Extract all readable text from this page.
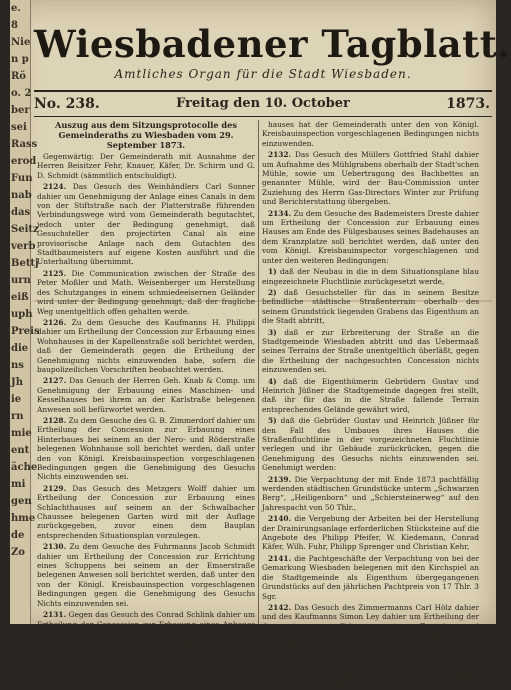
e.
8
Nie
n p
Rö
o. 2
ber
sei
Rass
erod
Fun
nab
das
Seitz
verb
Bettj
urn
eiß
uph
Preis
die
ns
Jh
ie
rn
mie
ent
äche
mi
gen
hme
de
Zo
Wiesbadener Tagblatt.
Amtliches Organ für die Stadt Wiesbaden.
No. 238.	Freitag den 10. October	1873.
Auszug aus dem Sitzungsprotocolle des Gemeinderaths zu Wiesbaden vom 29. September 1873.

Gegenwärtig: Der Gemeinderath mit Ausnahme der Herren Beisitzer Fehr, Knauer, Käfer, Dr. Schirm und G. D. Schmidt (sämmtlich entschuldigt).

2124. Das Gesuch des Weinhändlers Carl Sonner dahier um Genehmigung der Anlage eines Canals in dem von der Stiftstraße nach der Platterstraße führenden Verbindungswege wird vom Gemeinderath begutachtet, jedoch unter der Bedingung genehmigt, daß Gesuchsteller den projectirten Canal als eine provisorische Anlage nach dem Gutachten des Stadtbaumeisters auf eigene Kosten ausführt und die Unterhaltung übernimmt.

2125. Die Communication zwischen der Straße des Peter Moßler und Math. Weisenberger um Herstellung des Schutzganges in einem schmiedeeisernen Geländer wird unter der Bedingung genehmigt, daß der fragliche Weg unentgeltlich offen gehalten werde.

2126. Zu dem Gesuche des Kaufmanns H. Philippi dahier um Ertheilung der Concession zur Erbauung eines Wohnhauses in der Kapellenstraße soll berichtet werden, daß der Gemeinderath gegen die Ertheilung der Genehmigung nichts einzuwenden habe, sofern die baupolizeilichen Vorschriften beobachtet werden.

2127. Das Gesuch der Herren Geh. Knab & Comp. um Genehmigung der Erbauung eines Maschinen- und Kesselhauses bei ihrem an der Karlstraße belegenen Anwesen soll befürwortet werden.

2128. Zu dem Gesuche des G. B. Zimmerdorf dahier um Ertheilung der Concession zur Erbauung eines Hinterbaues bei seinem an der Nero- und Röderstraße belegenen Wohnhause soll berichtet werden, daß unter den von Königl. Kreisbauinspection vorgeschlagenen Bedingungen gegen die Genehmigung des Gesuchs Nichts einzuwenden sei.

2129. Das Gesuch des Metzgers Wolff dahier um Ertheilung der Concession zur Erbauung eines Schlachthauses auf seinem an der Schwalbacher Chaussee belegenen Garten wird mit der Auflage zurückgegeben, zuvor einen dem Bauplan entsprechenden Situationsplan vorzulegen.

2130. Zu dem Gesuche des Fuhrmanns Jacob Schmidt dahier um Ertheilung der Concession zur Errichtung eines Schuppens bei seinem an der Emserstraße belegenen Anwesen soll berichtet werden, daß unter den von der Königl. Kreisbauinspection vorgeschlagenen Bedingungen gegen die Genehmigung des Gesuchs Nichts einzuwenden sei.

2131. Gegen das Gesuch des Conrad Schlink dahier um Ertheilung der Concession zur Erbauung eines Anbaues an seinem Seitenbau ihres an der Dotzheimerstraße belegenen Wohnhauses ist nichts zu erinnern.

hauses hat der Gemeinderath unter den von Königl. Kreisbauinspection vorgeschlagenen Bedingungen nichts einzuwenden.

2132. Das Gesuch des Müllers Gottfried Stahl dahier um Aufnahme des Mühlgrabens oberhalb der Stadt'schen Mühle, sowie um Uebertragung des Bachbettes an genannter Mühle, wird der Bau-Commission unter Zuziehung des Herrn Gas-Directors Winter zur Prüfung und Berichterstattung übergeben.

2134. Zu dem Gesuche des Bademeisters Dreste dahier um Ertheilung der Concession zur Erbauung eines Hauses am Ende des Fülgesbauses seines Badehauses an dem Kranzplatze soll berichtet werden, daß unter den vom Königl. Kreisbauinspector vorgeschlagenen und unter den weiteren Bedingungen:

1) daß der Neubau in die in dem Situationsplane blau eingezeichnete Fluchtlinie zurückgesetzt werde,

2) daß Gesuchsteller für das in seinem Besitze befindliche städtische Straßenterrain oberhalb des seinem Grundstück liegenden Grabens das Eigenthum an die Stadt abtritt,

3) daß er zur Erbreiterung der Straße an die Stadtgemeinde Wiesbaden abtritt und das Uebermaaß seines Terrains der Straße unentgeltlich überläßt, gegen die Ertheilung der nachgesuchten Concession nichts einzuwenden sei.

4) daß die Eigenthümerin Gebrüdern Gustav und Heinrich Jüßner die Stadtgemeinde dagegen frei stellt, daß ihr für das in die Straße fallende Terrain entsprechendes Gelände gewährt wird,

5) daß die Gebrüder Gustav und Heinrich Jüßner für den Fall des Umbaues ihres Hauses die Straßenfluchtlinie in der vorgezeichneten Fluchtlinie verlegen und ihr Gebäude zurückrücken, gegen die Genehmigung des Gesuchs nichts einzuwenden sei. Genehmigt werden:

2139. Die Verpachtung der mit Ende 1873 pachtfällig werdenden städtischen Grundstücke unterm „Schwarzen Berg“, „Heiligenborn“ und „Schiersteinerweg“ auf den Jahrespacht von 50 Thlr.,

2140. die Vergebung der Arbeiten bei der Herstellung der Drainirungsanlage erforderlichen Stücksteine auf die Angebote des Philipp Pfeifer, W. Kiedemann, Conrad Käfer, Wilh. Fuhr, Philipp Sprenger und Christian Kehr,

2141. die Pachtgeschäfte der Verpachtung von bei der Gemarkung Wiesbaden belegenen mit den Kirchspiel an die Stadtgemeinde als Eigenthum übergegangenen Grundstücks auf den jährlichen Pachtpreis von 17 Thlr. 3 Sgr.

2142. Das Gesuch des Zimmermanns Carl Hölz dahier und des Kaufmanns Simon Ley dahier um Ertheilung der Concession zur Erbauung eines Trottoirs und Umgestaltung der Einfahrt im Hause der Elisabethenstraße wird genehmigt.

2143. Auf die Eingabe des Weinhändlers Göbel und Consorten, betreffend die Errichtung des Locals für die Fahrzeiche, ist beschlossen worden, daß das fragliche Local nicht wie der Rheinstraße
